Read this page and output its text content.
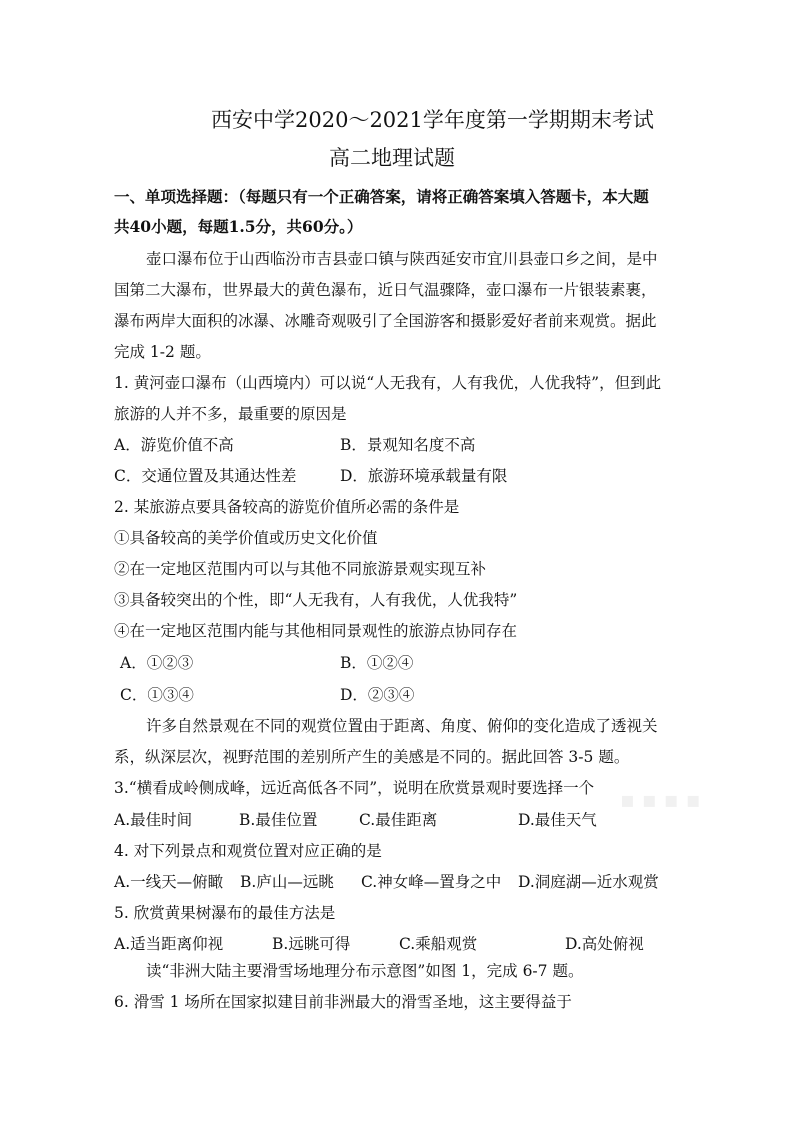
西安中学2020～2021学年度第一学期期末考试
高二地理试题
一、单项选择题：（每题只有一个正确答案，请将正确答案填入答题卡，本大题
共40小题，每题1.5分，共60分。）
壶口瀑布位于山西临汾市吉县壶口镇与陕西延安市宜川县壶口乡之间，是中
国第二大瀑布，世界最大的黄色瀑布，近日气温骤降，壶口瀑布一片银装素裹，
瀑布两岸大面积的冰瀑、冰雕奇观吸引了全国游客和摄影爱好者前来观赏。据此
完成 1-2 题。
1. 黄河壶口瀑布（山西境内）可以说“人无我有，人有我优，人优我特”，但到此
旅游的人并不多，最重要的原因是
A．游览价值不高	B．景观知名度不高
C．交通位置及其通达性差	D．旅游环境承载量有限
2. 某旅游点要具备较高的游览价值所必需的条件是
①具备较高的美学价值或历史文化价值
②在一定地区范围内可以与其他不同旅游景观实现互补
③具备较突出的个性，即“人无我有，人有我优，人优我特”
④在一定地区范围内能与其他相同景观性的旅游点协同存在
A．①②③	B．①②④
C．①③④	D．②③④
许多自然景观在不同的观赏位置由于距离、角度、俯仰的变化造成了透视关
系，纵深层次，视野范围的差别所产生的美感是不同的。据此回答 3-5 题。
3.“横看成岭侧成峰，远近高低各不同”，说明在欣赏景观时要选择一个
A.最佳时间	B.最佳位置	C.最佳距离	D.最佳天气
4. 对下列景点和观赏位置对应正确的是
A.一线天—俯瞰 B.庐山—远眺 C.神女峰—置身之中 D.洞庭湖—近水观赏
5. 欣赏黄果树瀑布的最佳方法是
A.适当距离仰视	B.远眺可得	C.乘船观赏	D.高处俯视
读“非洲大陆主要滑雪场地理分布示意图”如图 1，完成 6-7 题。
6. 滑雪 1 场所在国家拟建目前非洲最大的滑雪圣地，这主要得益于
▪ ▪ ▪ ▪
